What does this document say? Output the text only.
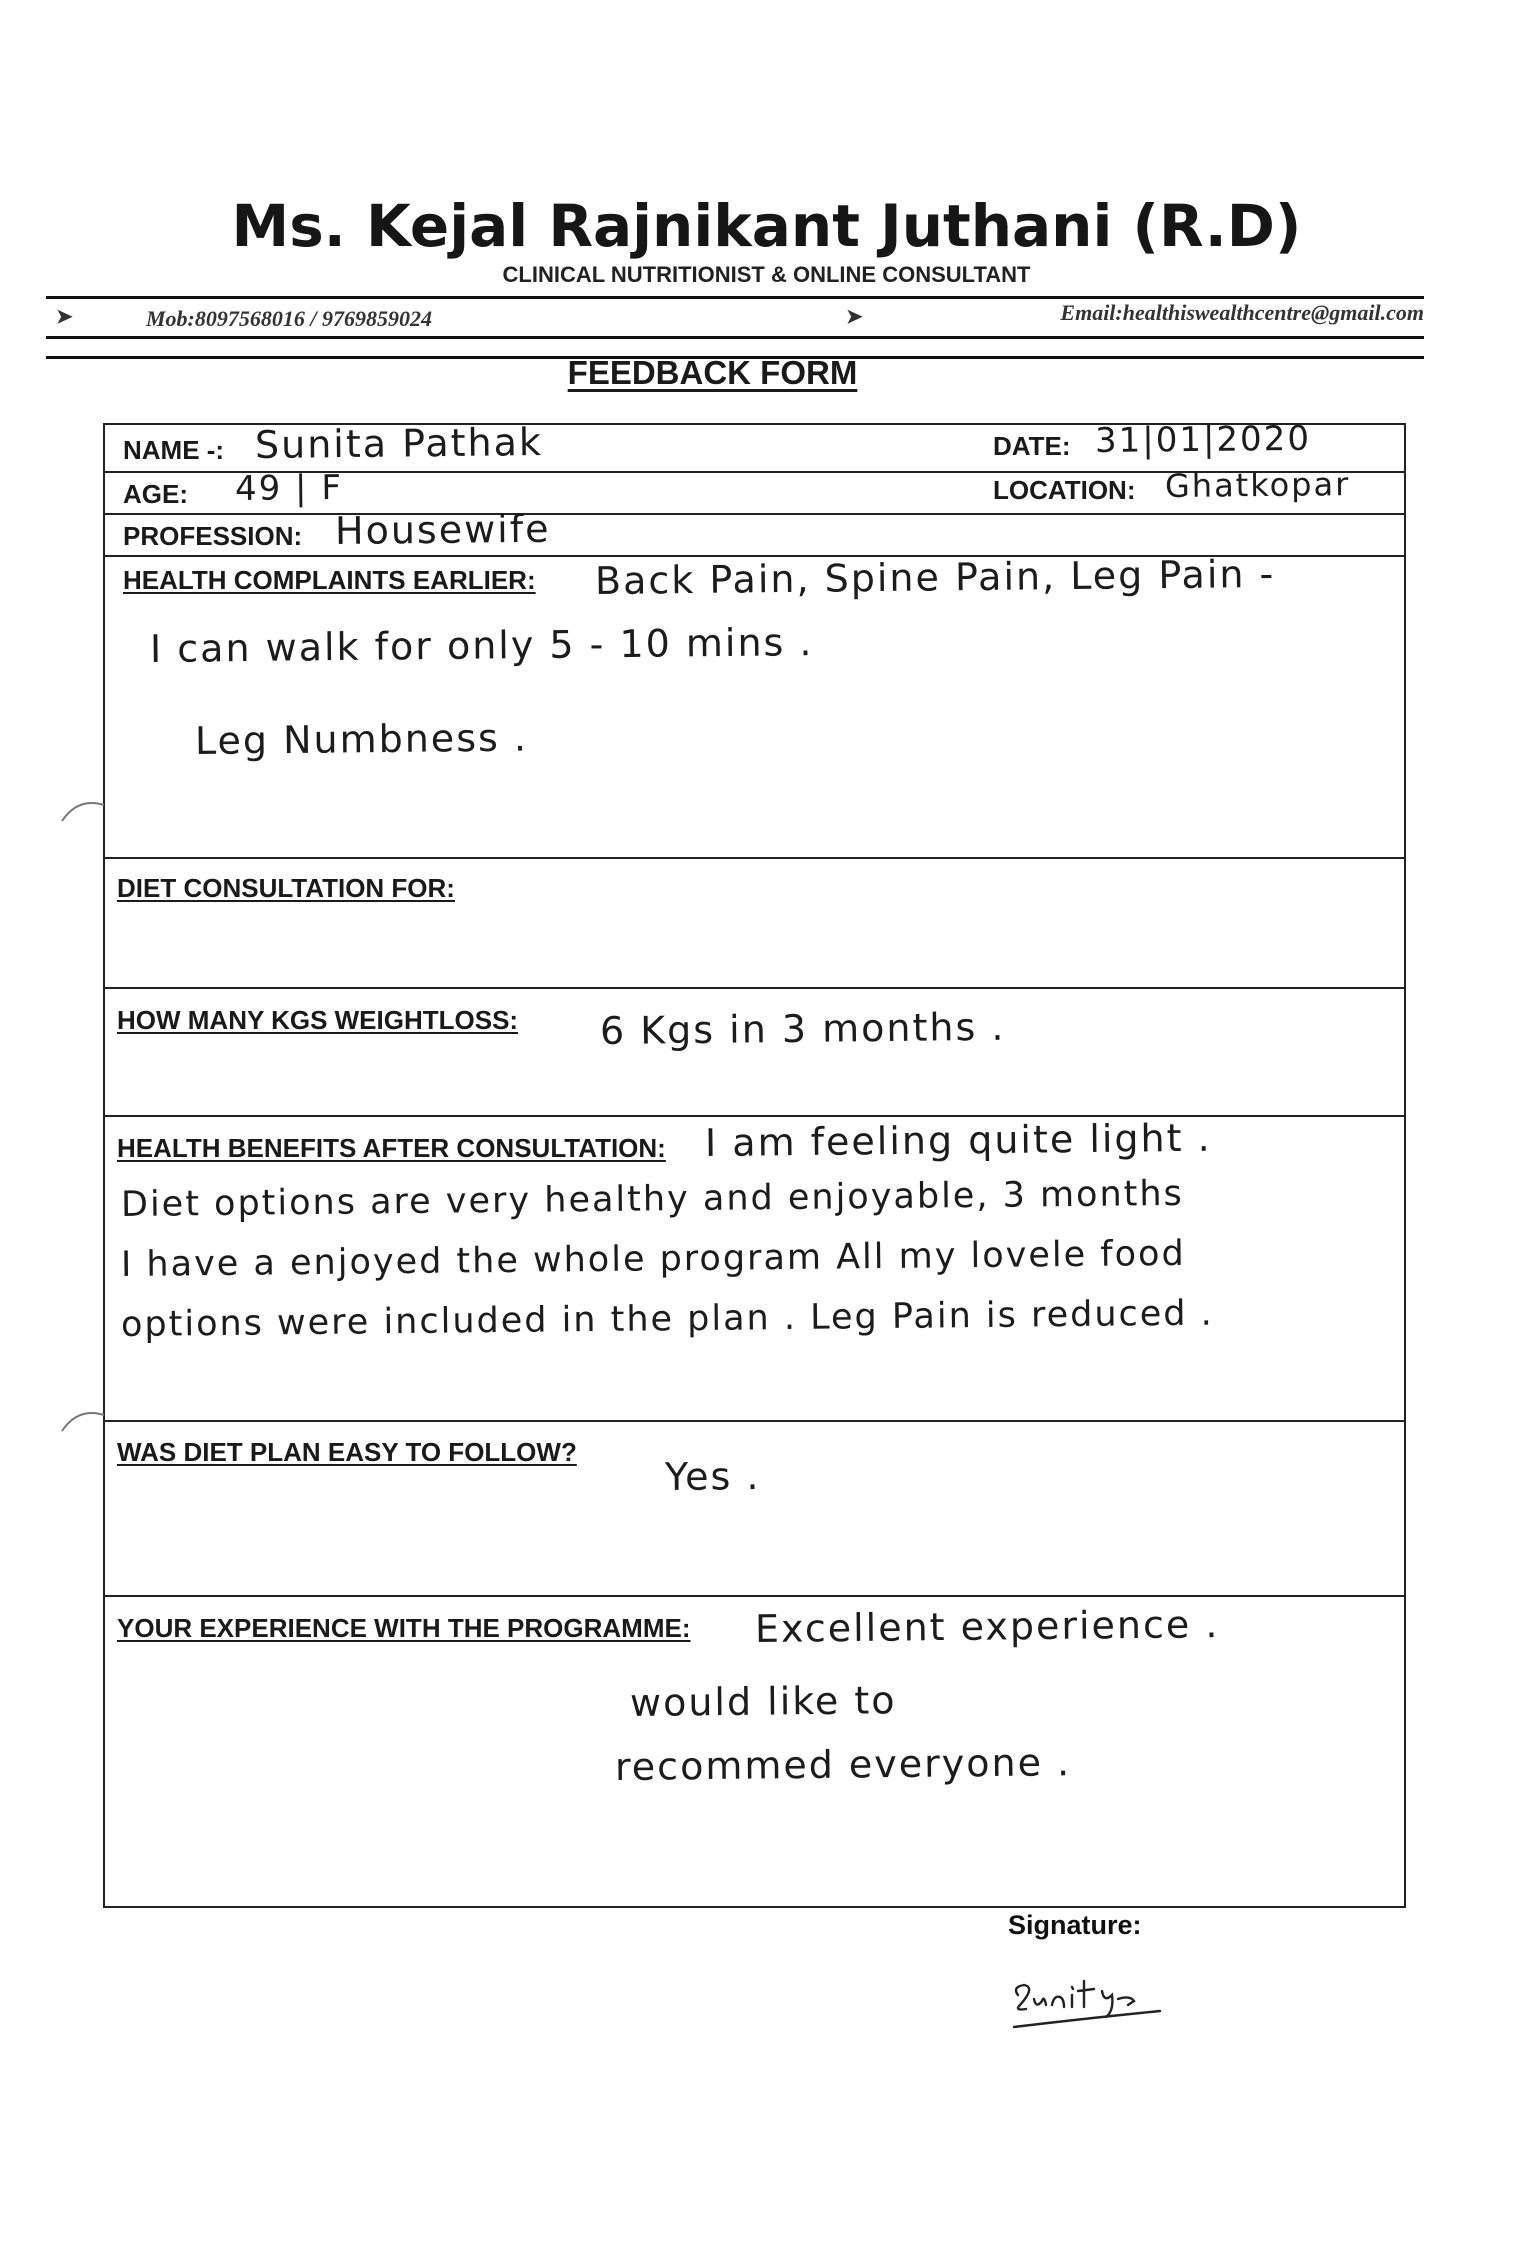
Ms. Kejal Rajnikant Juthani (R.D)
CLINICAL NUTRITIONIST & ONLINE CONSULTANT
➤	Mob:8097568016 / 9769859024	➤	Email:healthiswealthcentre@gmail.com
FEEDBACK FORM
NAME -: Sunita Pathak	DATE: 31|01|2020
AGE: 49 | F	LOCATION: Ghatkopar
PROFESSION: Housewife
HEALTH COMPLAINTS EARLIER: Back Pain, Spine Pain, Leg Pain -
I can walk for only 5 - 10 mins .
Leg Numbness .
DIET CONSULTATION FOR:
HOW MANY KGS WEIGHTLOSS: 6 Kgs in 3 months .
HEALTH BENEFITS AFTER CONSULTATION: I am feeling quite light .
Diet options are very healthy and enjoyable, 3 months
I have a enjoyed the whole program All my lovele food
options were included in the plan . Leg Pain is reduced .
WAS DIET PLAN EASY TO FOLLOW?
Yes .
YOUR EXPERIENCE WITH THE PROGRAMME: Excellent experience .
would like to
recommed everyone .
Signature:
